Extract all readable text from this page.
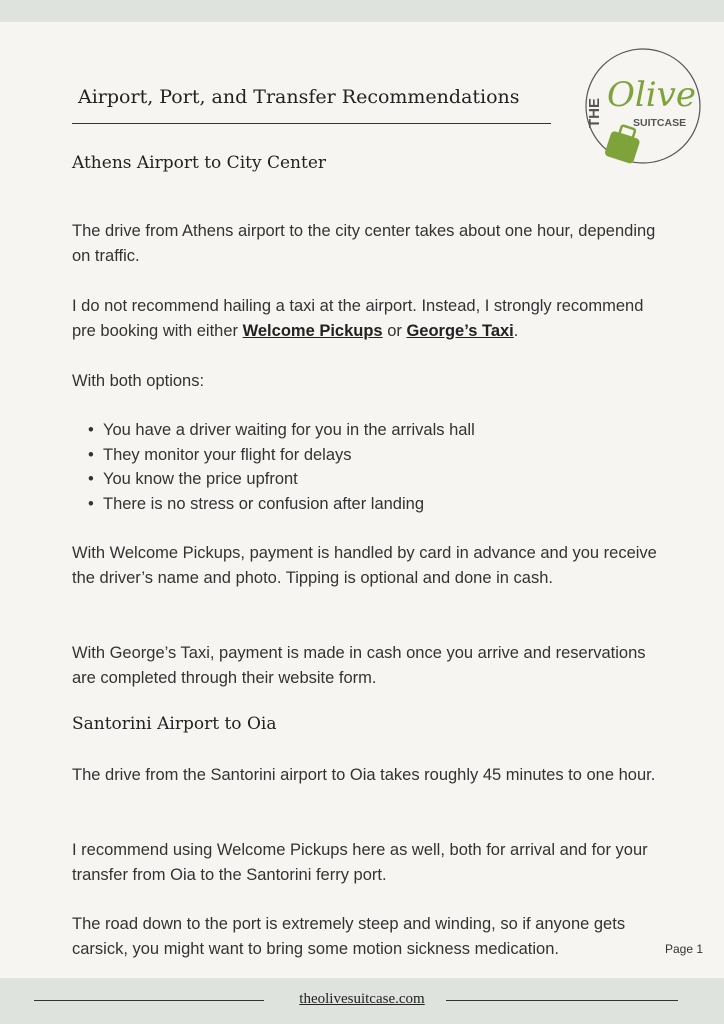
Airport, Port, and Transfer Recommendations
THE Olive
SUITCASE
Athens Airport to City Center

The drive from Athens airport to the city center takes about one hour, depending on traffic.

I do not recommend hailing a taxi at the airport. Instead, I strongly recommend pre booking with either Welcome Pickups or George’s Taxi.

With both options:

• You have a driver waiting for you in the arrivals hall
• They monitor your flight for delays
• You know the price upfront
• There is no stress or confusion after landing

With Welcome Pickups, payment is handled by card in advance and you receive the driver’s name and photo. Tipping is optional and done in cash.

With George’s Taxi, payment is made in cash once you arrive and reservations are completed through their website form.

Santorini Airport to Oia

The drive from the Santorini airport to Oia takes roughly 45 minutes to one hour.

I recommend using Welcome Pickups here as well, both for arrival and for your transfer from Oia to the Santorini ferry port.

The road down to the port is extremely steep and winding, so if anyone gets carsick, you might want to bring some motion sickness medication.	Page 1
theolivesuitcase.com
